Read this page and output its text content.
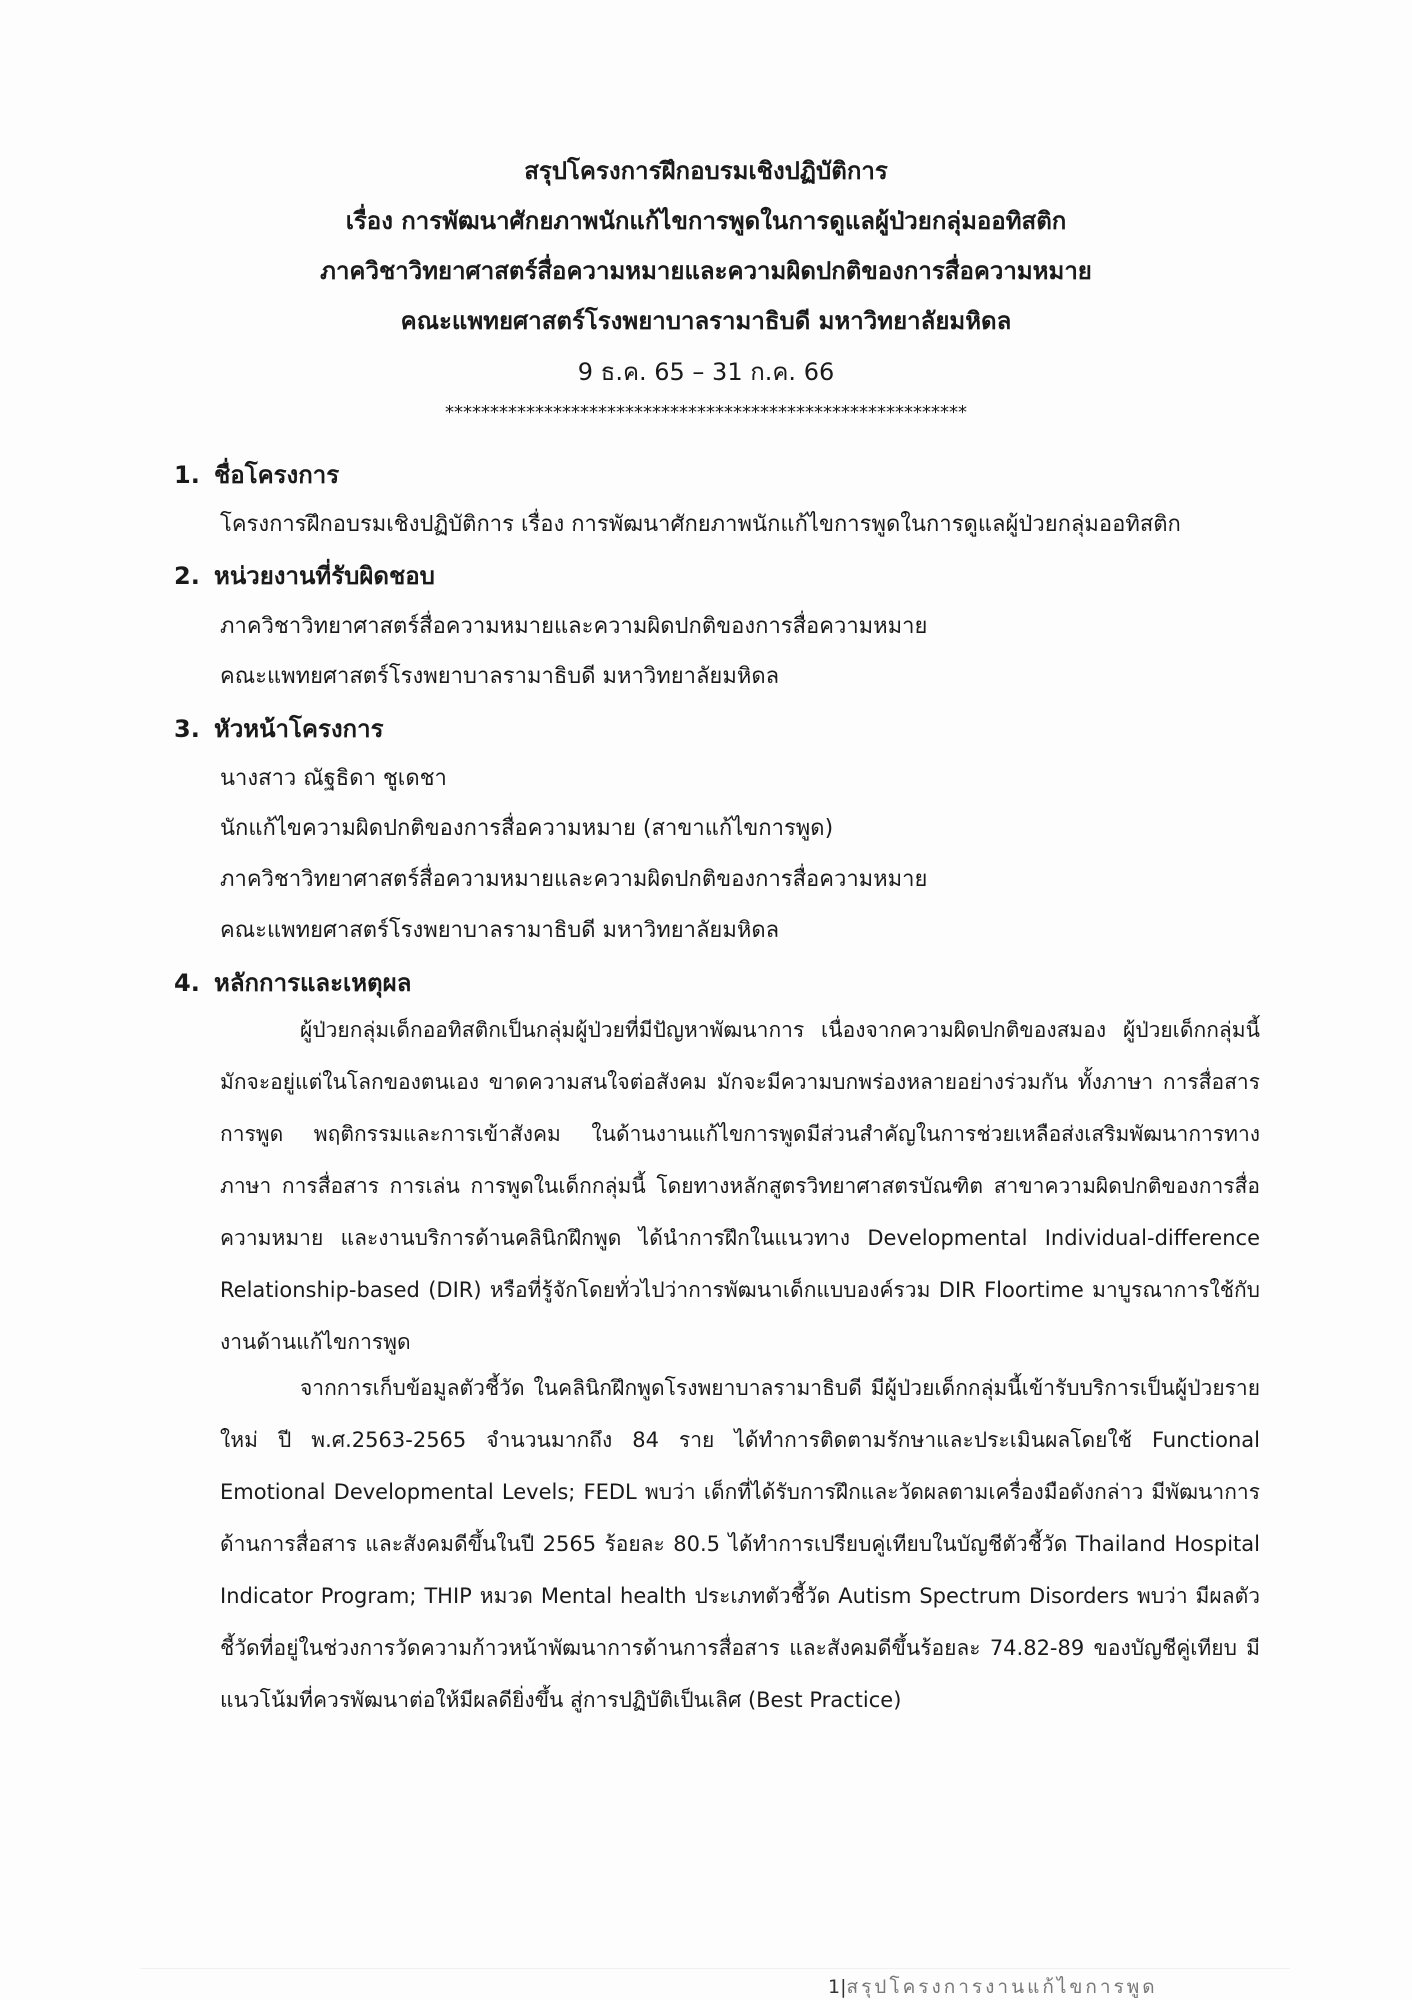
สรุปโครงการฝึกอบรมเชิงปฏิบัติการ
เรื่อง การพัฒนาศักยภาพนักแก้ไขการพูดในการดูแลผู้ป่วยกลุ่มออทิสติก
ภาควิชาวิทยาศาสตร์สื่อความหมายและความผิดปกติของการสื่อความหมาย
คณะแพทยศาสตร์โรงพยาบาลรามาธิบดี มหาวิทยาลัยมหิดล
9 ธ.ค. 65 – 31 ก.ค. 66
**********************************************************
1. ชื่อโครงการ
โครงการฝึกอบรมเชิงปฏิบัติการ เรื่อง การพัฒนาศักยภาพนักแก้ไขการพูดในการดูแลผู้ป่วยกลุ่มออทิสติก
2. หน่วยงานที่รับผิดชอบ
ภาควิชาวิทยาศาสตร์สื่อความหมายและความผิดปกติของการสื่อความหมาย
คณะแพทยศาสตร์โรงพยาบาลรามาธิบดี มหาวิทยาลัยมหิดล
3. หัวหน้าโครงการ
นางสาว ณัฐธิดา ชูเดชา
นักแก้ไขความผิดปกติของการสื่อความหมาย (สาขาแก้ไขการพูด)
ภาควิชาวิทยาศาสตร์สื่อความหมายและความผิดปกติของการสื่อความหมาย
คณะแพทยศาสตร์โรงพยาบาลรามาธิบดี มหาวิทยาลัยมหิดล
4. หลักการและเหตุผล
ผู้ป่วยกลุ่มเด็กออทิสติกเป็นกลุ่มผู้ป่วยที่มีปัญหาพัฒนาการ เนื่องจากความผิดปกติของสมอง ผู้ป่วยเด็กกลุ่มนี้มักจะอยู่แต่ในโลกของตนเอง ขาดความสนใจต่อสังคม มักจะมีความบกพร่องหลายอย่างร่วมกัน ทั้งภาษา การสื่อสาร การพูด พฤติกรรมและการเข้าสังคม ในด้านงานแก้ไขการพูดมีส่วนสำคัญในการช่วยเหลือส่งเสริมพัฒนาการทางภาษา การสื่อสาร การเล่น การพูดในเด็กกลุ่มนี้ โดยทางหลักสูตรวิทยาศาสตรบัณฑิต สาขาความผิดปกติของการสื่อความหมาย และงานบริการด้านคลินิกฝึกพูด ได้นำการฝึกในแนวทาง Developmental Individual-difference Relationship-based (DIR) หรือที่รู้จักโดยทั่วไปว่าการพัฒนาเด็กแบบองค์รวม DIR Floortime มาบูรณาการใช้กับงานด้านแก้ไขการพูด
จากการเก็บข้อมูลตัวชี้วัด ในคลินิกฝึกพูดโรงพยาบาลรามาธิบดี มีผู้ป่วยเด็กกลุ่มนี้เข้ารับบริการเป็นผู้ป่วยรายใหม่ ปี พ.ศ.2563-2565 จำนวนมากถึง 84 ราย ได้ทำการติดตามรักษาและประเมินผลโดยใช้ Functional Emotional Developmental Levels; FEDL พบว่า เด็กที่ได้รับการฝึกและวัดผลตามเครื่องมือดังกล่าว มีพัฒนาการด้านการสื่อสาร และสังคมดีขึ้นในปี 2565 ร้อยละ 80.5 ได้ทำการเปรียบคู่เทียบในบัญชีตัวชี้วัด Thailand Hospital Indicator Program; THIP หมวด Mental health ประเภทตัวชี้วัด Autism Spectrum Disorders พบว่า มีผลตัวชี้วัดที่อยู่ในช่วงการวัดความก้าวหน้าพัฒนาการด้านการสื่อสาร และสังคมดีขึ้นร้อยละ 74.82-89 ของบัญชีคู่เทียบ มีแนวโน้มที่ควรพัฒนาต่อให้มีผลดียิ่งขึ้น สู่การปฏิบัติเป็นเลิศ (Best Practice)
1|สรุปโครงการงานแก้ไขการพูด
